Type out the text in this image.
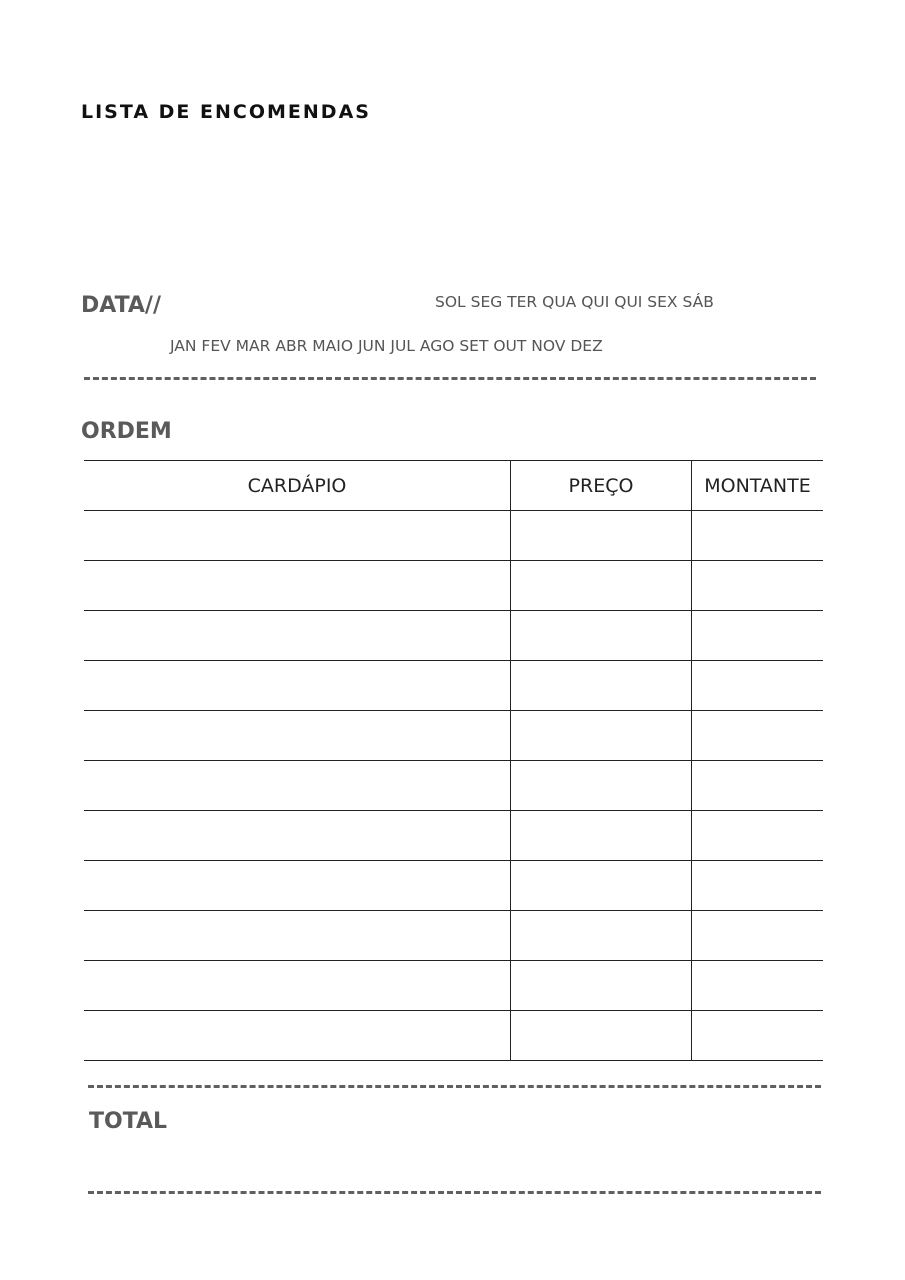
LISTA DE ENCOMENDAS
DATA//	SOL SEG TER QUA QUI QUI SEX SÁB
JAN FEV MAR ABR MAIO JUN JUL AGO SET OUT NOV DEZ
ORDEM
CARDÁPIO	PREÇO	MONTANTE

TOTAL
